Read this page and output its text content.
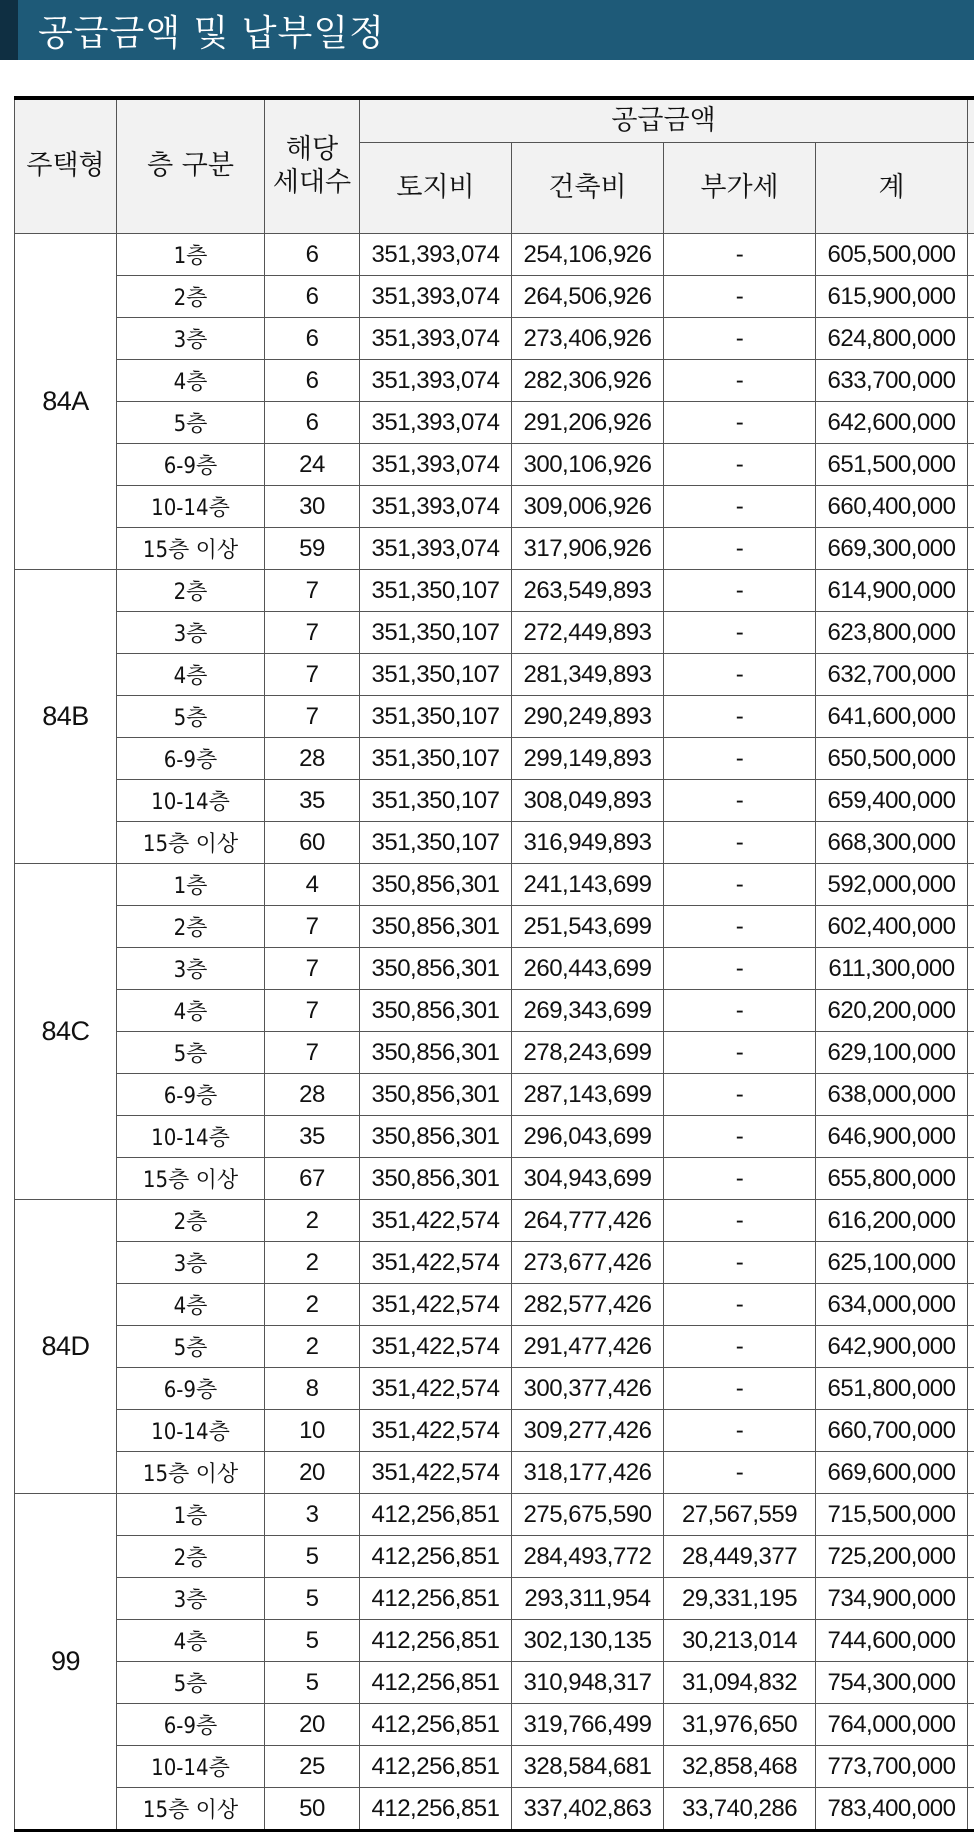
공급금액 및 납부일정
주택형	층 구분	해당
세대수	공급금액				
			토지비	건축비	부가세	계	
84A	1층	6	351,393,074	254,106,926	-	605,500,000	
	2층	6	351,393,074	264,506,926	-	615,900,000	
	3층	6	351,393,074	273,406,926	-	624,800,000	
	4층	6	351,393,074	282,306,926	-	633,700,000	
	5층	6	351,393,074	291,206,926	-	642,600,000	
	6-9층	24	351,393,074	300,106,926	-	651,500,000	
	10-14층	30	351,393,074	309,006,926	-	660,400,000	
	15층 이상	59	351,393,074	317,906,926	-	669,300,000	
84B	2층	7	351,350,107	263,549,893	-	614,900,000	
	3층	7	351,350,107	272,449,893	-	623,800,000	
	4층	7	351,350,107	281,349,893	-	632,700,000	
	5층	7	351,350,107	290,249,893	-	641,600,000	
	6-9층	28	351,350,107	299,149,893	-	650,500,000	
	10-14층	35	351,350,107	308,049,893	-	659,400,000	
	15층 이상	60	351,350,107	316,949,893	-	668,300,000	
84C	1층	4	350,856,301	241,143,699	-	592,000,000	
	2층	7	350,856,301	251,543,699	-	602,400,000	
	3층	7	350,856,301	260,443,699	-	611,300,000	
	4층	7	350,856,301	269,343,699	-	620,200,000	
	5층	7	350,856,301	278,243,699	-	629,100,000	
	6-9층	28	350,856,301	287,143,699	-	638,000,000	
	10-14층	35	350,856,301	296,043,699	-	646,900,000	
	15층 이상	67	350,856,301	304,943,699	-	655,800,000	
84D	2층	2	351,422,574	264,777,426	-	616,200,000	
	3층	2	351,422,574	273,677,426	-	625,100,000	
	4층	2	351,422,574	282,577,426	-	634,000,000	
	5층	2	351,422,574	291,477,426	-	642,900,000	
	6-9층	8	351,422,574	300,377,426	-	651,800,000	
	10-14층	10	351,422,574	309,277,426	-	660,700,000	
	15층 이상	20	351,422,574	318,177,426	-	669,600,000	
99	1층	3	412,256,851	275,675,590	27,567,559	715,500,000	
	2층	5	412,256,851	284,493,772	28,449,377	725,200,000	
	3층	5	412,256,851	293,311,954	29,331,195	734,900,000	
	4층	5	412,256,851	302,130,135	30,213,014	744,600,000	
	5층	5	412,256,851	310,948,317	31,094,832	754,300,000	
	6-9층	20	412,256,851	319,766,499	31,976,650	764,000,000	
	10-14층	25	412,256,851	328,584,681	32,858,468	773,700,000	
	15층 이상	50	412,256,851	337,402,863	33,740,286	783,400,000	
